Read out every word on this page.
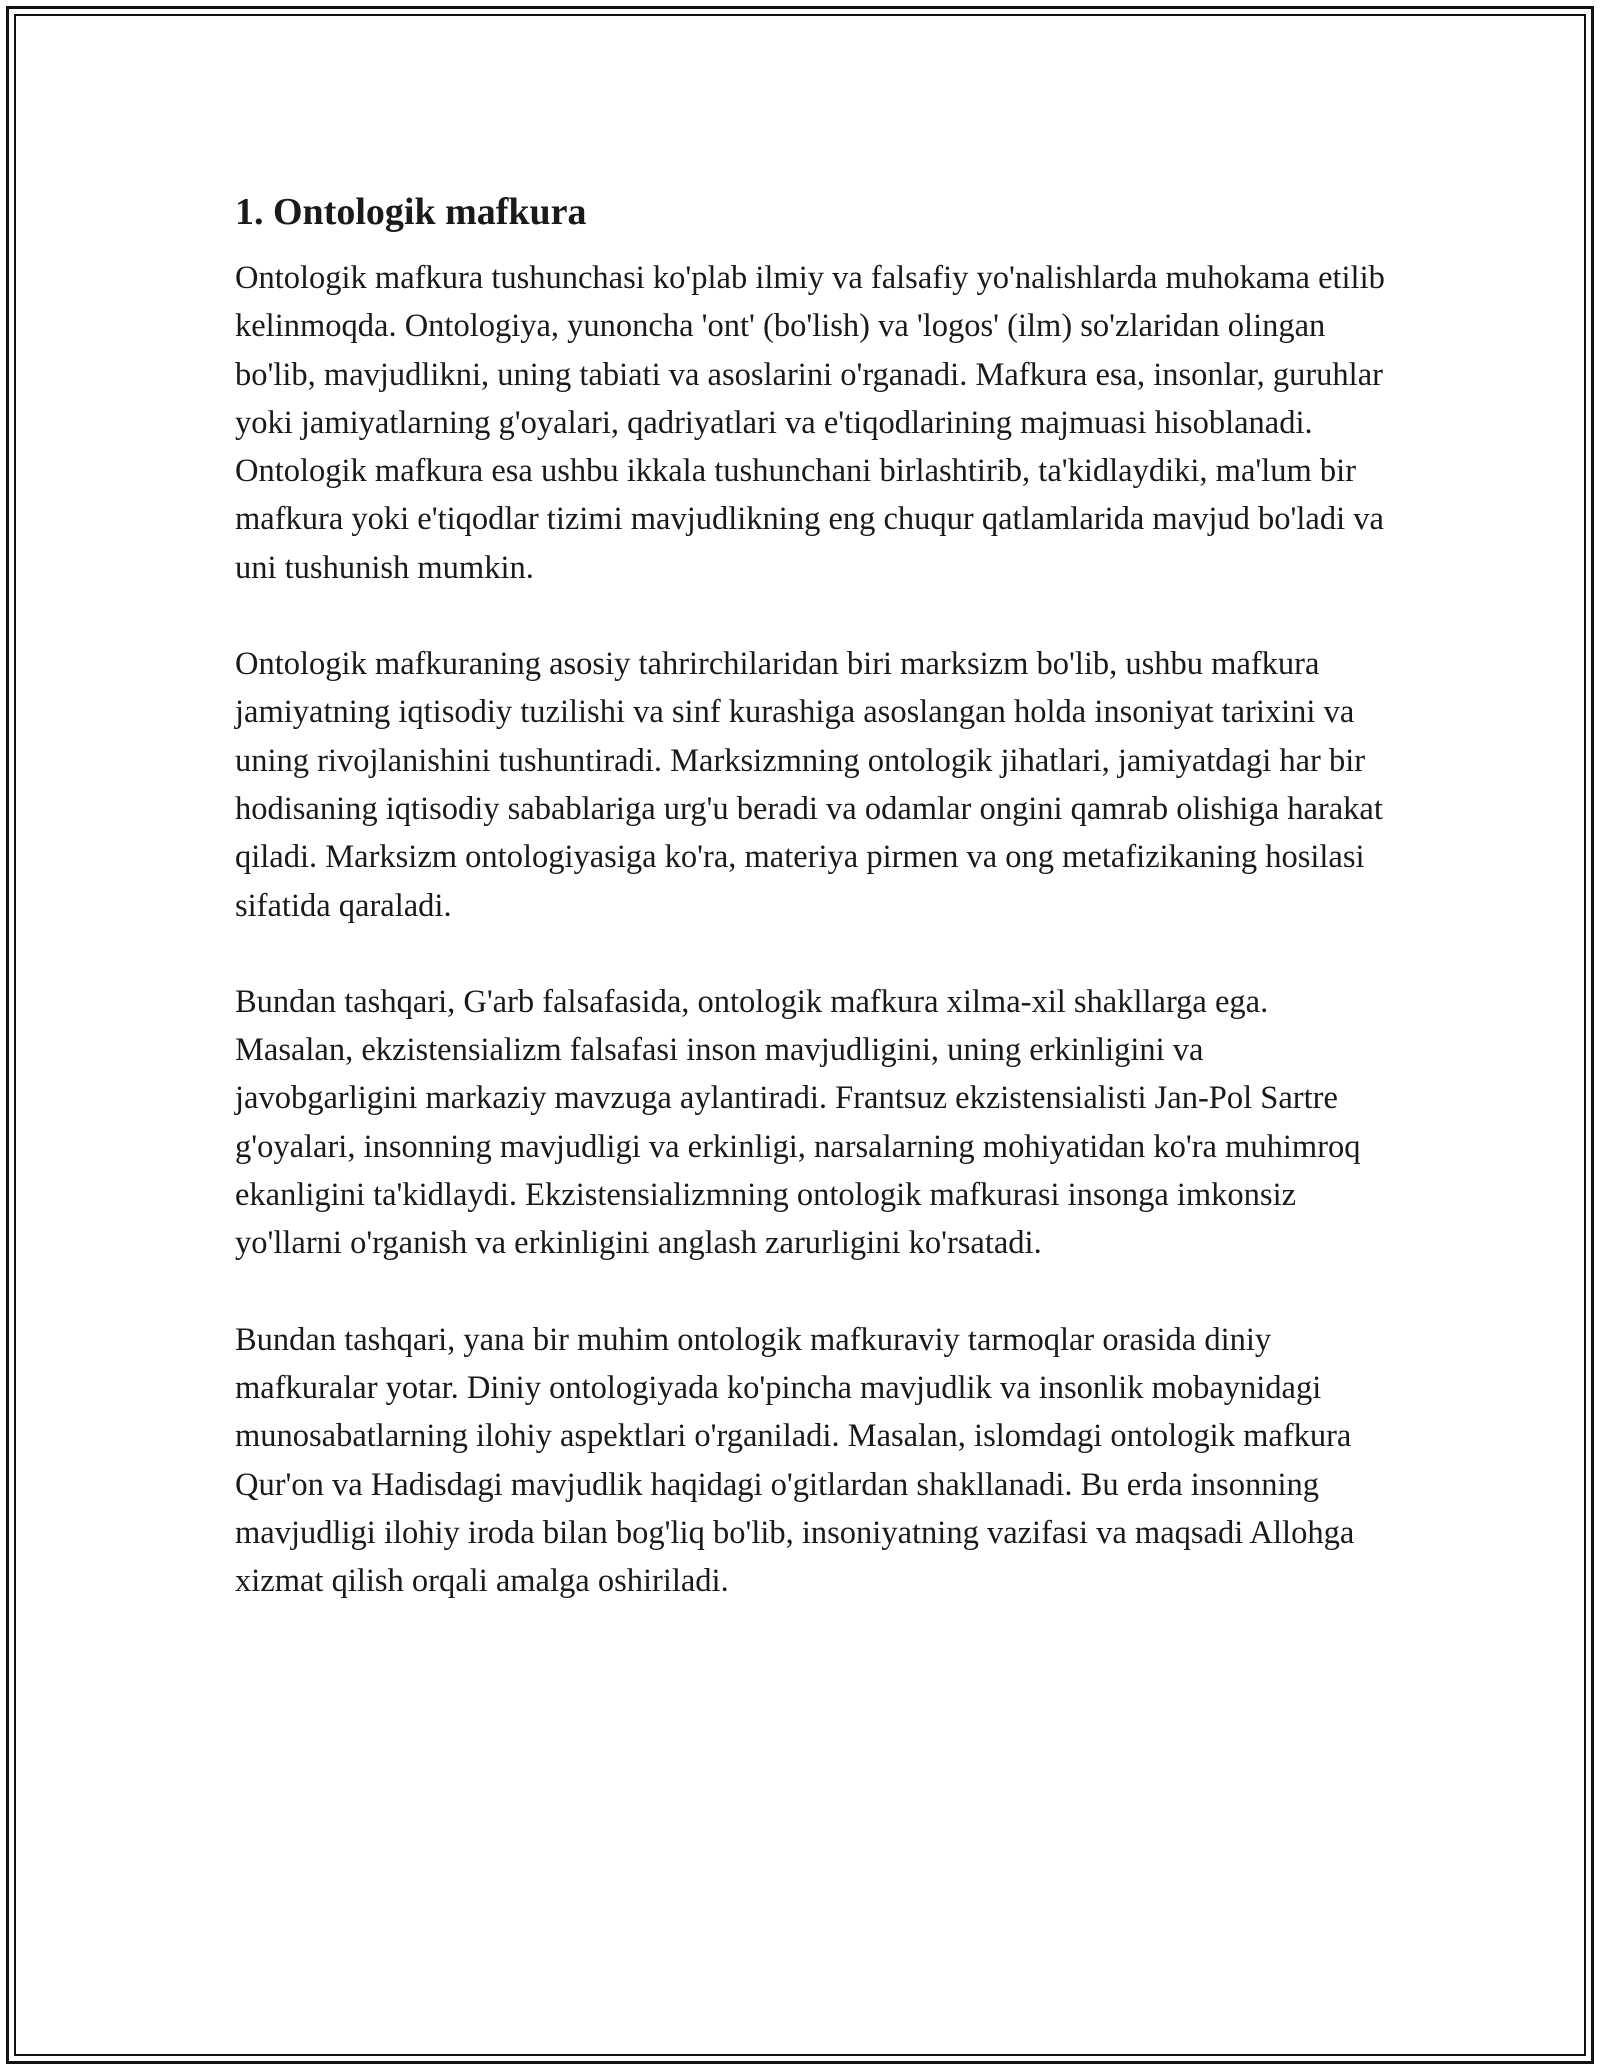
1. Ontologik mafkura

Ontologik mafkura tushunchasi ko'plab ilmiy va falsafiy yo'nalishlarda muhokama etilib kelinmoqda. Ontologiya, yunoncha 'ont' (bo'lish) va 'logos' (ilm) so'zlaridan olingan bo'lib, mavjudlikni, uning tabiati va asoslarini o'rganadi. Mafkura esa, insonlar, guruhlar yoki jamiyatlarning g'oyalari, qadriyatlari va e'tiqodlarining majmuasi hisoblanadi. Ontologik mafkura esa ushbu ikkala tushunchani birlashtirib, ta'kidlaydiki, ma'lum bir mafkura yoki e'tiqodlar tizimi mavjudlikning eng chuqur qatlamlarida mavjud bo'ladi va uni tushunish mumkin.

Ontologik mafkuraning asosiy tahrirchilaridan biri marksizm bo'lib, ushbu mafkura jamiyatning iqtisodiy tuzilishi va sinf kurashiga asoslangan holda insoniyat tarixini va uning rivojlanishini tushuntiradi. Marksizmning ontologik jihatlari, jamiyatdagi har bir hodisaning iqtisodiy sabablariga urg'u beradi va odamlar ongini qamrab olishiga harakat qiladi. Marksizm ontologiyasiga ko'ra, materiya pirmen va ong metafizikaning hosilasi sifatida qaraladi.

Bundan tashqari, G'arb falsafasida, ontologik mafkura xilma-xil shakllarga ega. Masalan, ekzistensializm falsafasi inson mavjudligini, uning erkinligini va javobgarligini markaziy mavzuga aylantiradi. Frantsuz ekzistensialisti Jan-Pol Sartre g'oyalari, insonning mavjudligi va erkinligi, narsalarning mohiyatidan ko'ra muhimroq ekanligini ta'kidlaydi. Ekzistensializmning ontologik mafkurasi insonga imkonsiz yo'llarni o'rganish va erkinligini anglash zarurligini ko'rsatadi.

Bundan tashqari, yana bir muhim ontologik mafkuraviy tarmoqlar orasida diniy mafkuralar yotar. Diniy ontologiyada ko'pincha mavjudlik va insonlik mobaynidagi munosabatlarning ilohiy aspektlari o'rganiladi. Masalan, islomdagi ontologik mafkura Qur'on va Hadisdagi mavjudlik haqidagi o'gitlardan shakllanadi. Bu erda insonning mavjudligi ilohiy iroda bilan bog'liq bo'lib, insoniyatning vazifasi va maqsadi Allohga xizmat qilish orqali amalga oshiriladi.
